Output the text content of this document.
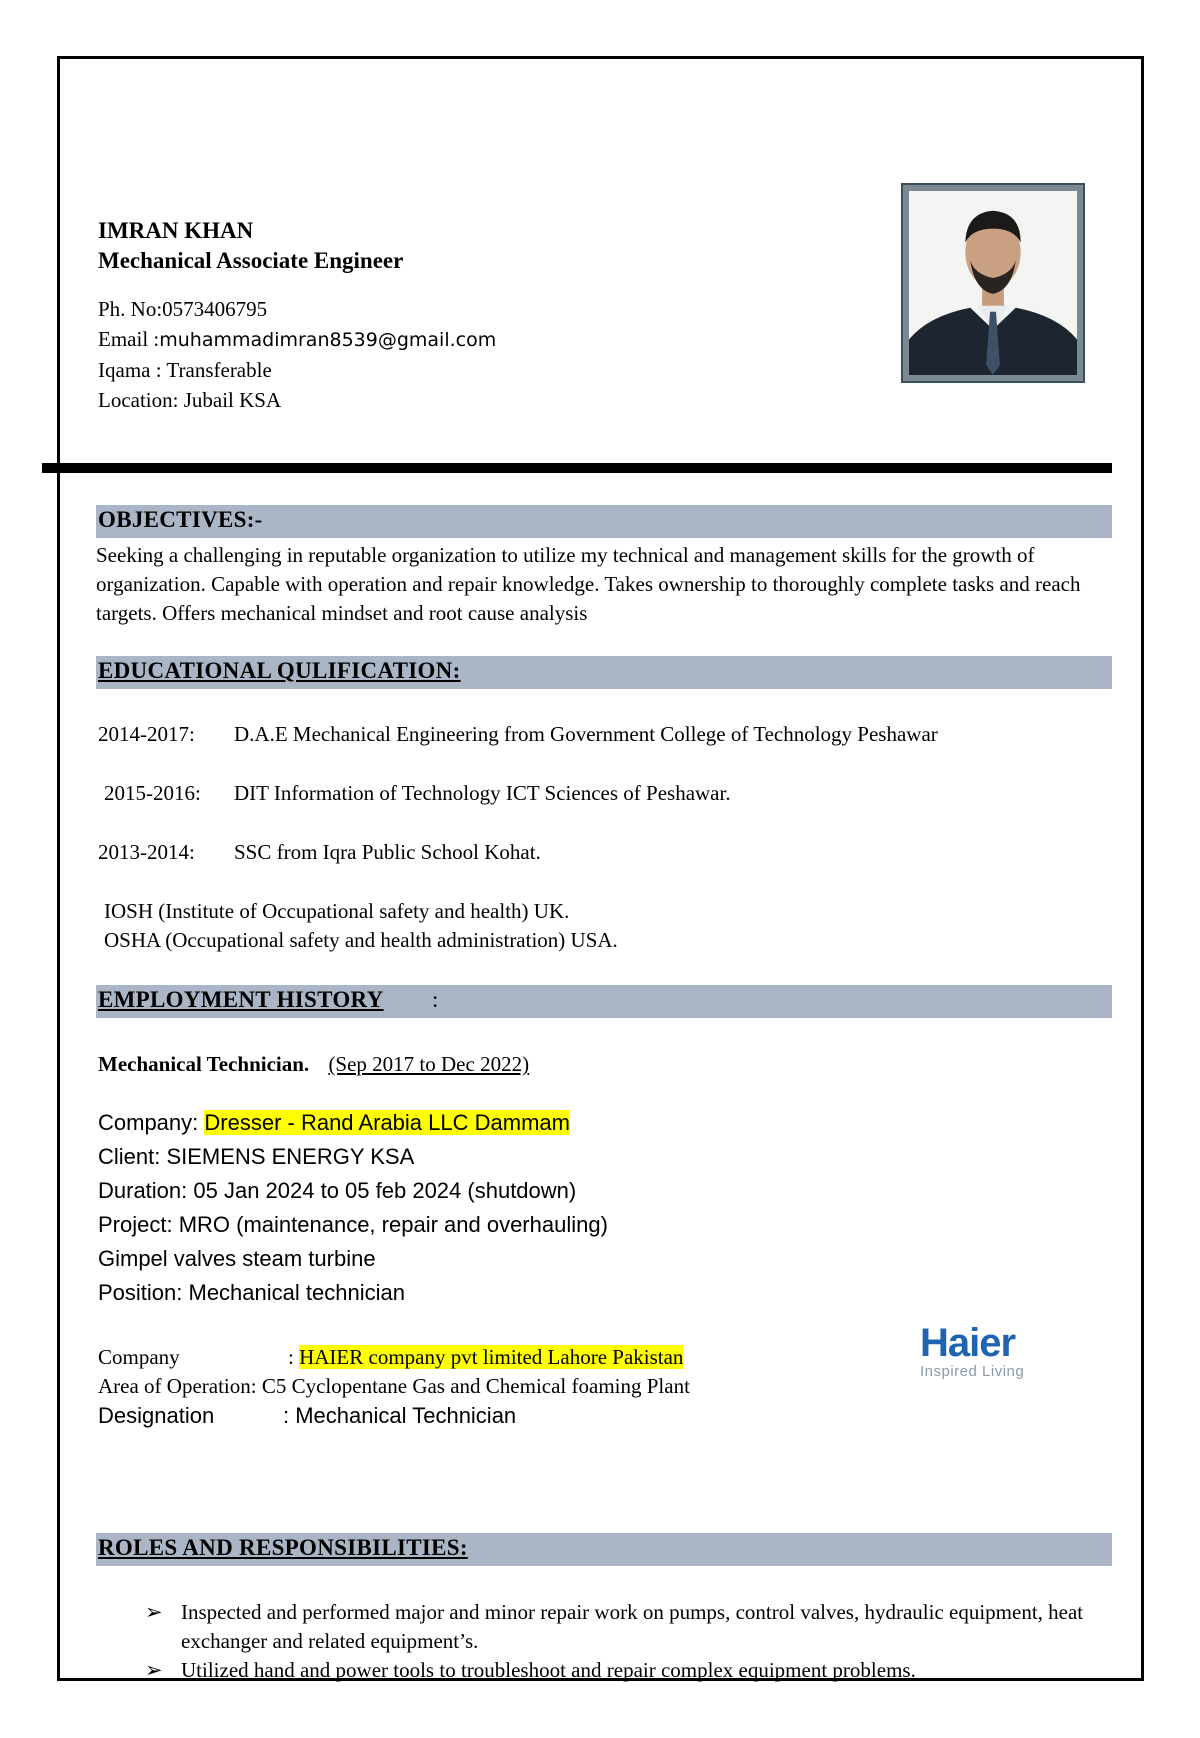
IMRAN KHAN
Mechanical Associate Engineer
Ph. No:0573406795
Email :muhammadimran8539@gmail.com
Iqama : Transferable
Location: Jubail KSA
OBJECTIVES:-
Seeking a challenging in reputable organization to utilize my technical and management skills for the growth of organization. Capable with operation and repair knowledge. Takes ownership to thoroughly complete tasks and reach targets. Offers mechanical mindset and root cause analysis
EDUCATIONAL QULIFICATION:
2014-2017: D.A.E Mechanical Engineering from Government College of Technology Peshawar
2015-2016: DIT Information of Technology ICT Sciences of Peshawar.
2013-2014: SSC from Iqra Public School Kohat.
IOSH (Institute of Occupational safety and health) UK.
OSHA (Occupational safety and health administration) USA.
EMPLOYMENT HISTORY :
Mechanical Technician. (Sep 2017 to Dec 2022)
Company: Dresser - Rand Arabia LLC Dammam
Client: SIEMENS ENERGY KSA
Duration: 05 Jan 2024 to 05 feb 2024 (shutdown)
Project: MRO (maintenance, repair and overhauling)
Gimpel valves steam turbine
Position: Mechanical technician
Company	: HAIER company pvt limited Lahore Pakistan
Area of Operation: C5 Cyclopentane Gas and Chemical foaming Plant
Designation	: Mechanical Technician
Haier
Inspired Living
ROLES AND RESPONSIBILITIES:
➢ Inspected and performed major and minor repair work on pumps, control valves, hydraulic equipment, heat exchanger and related equipment’s.
➢ Utilized hand and power tools to troubleshoot and repair complex equipment problems.
